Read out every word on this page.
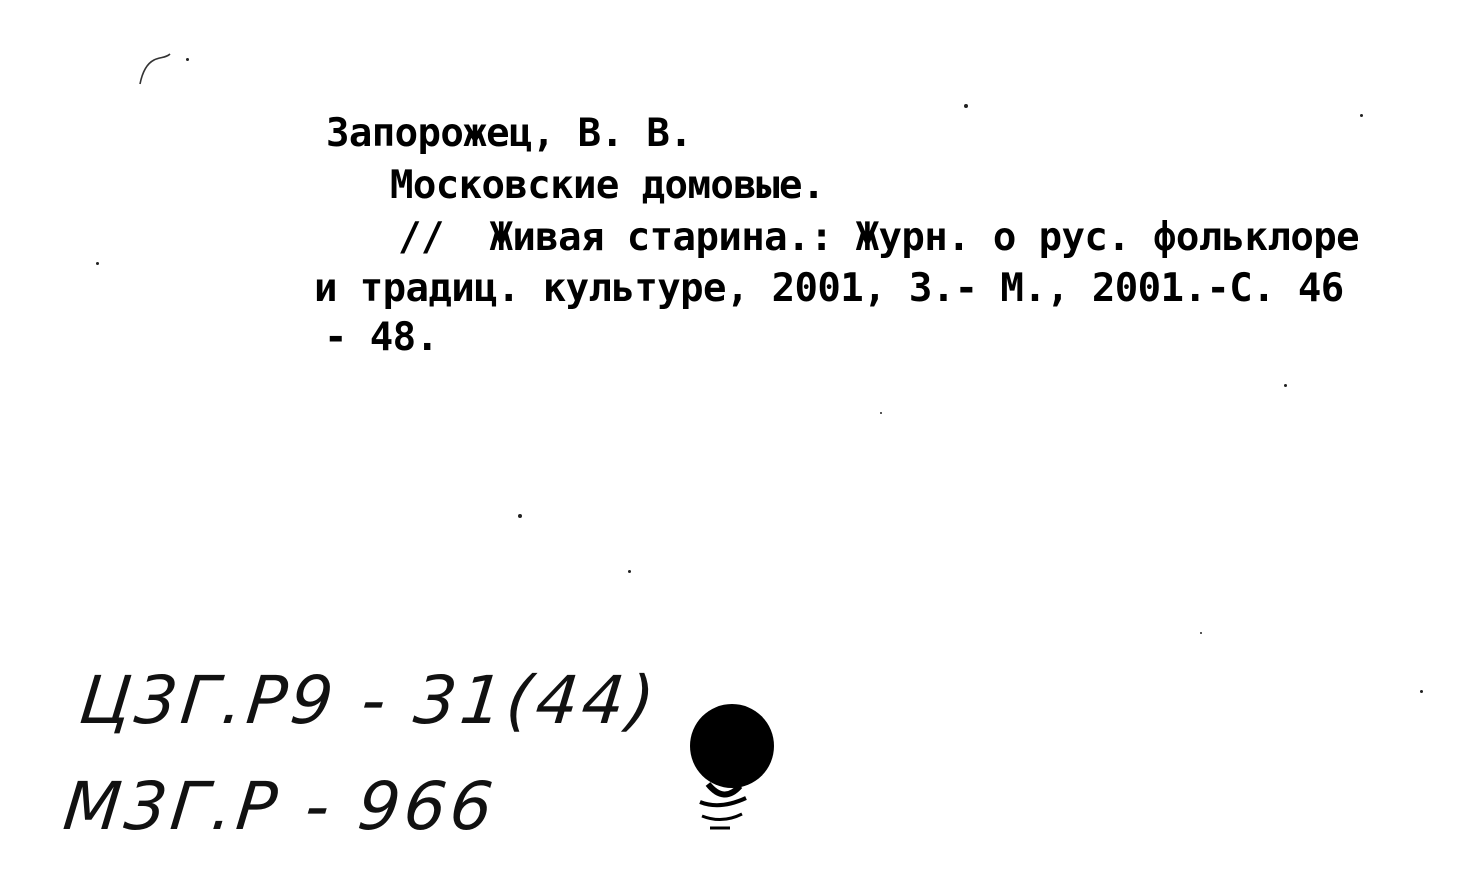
Запорожец, В. В.
Московские домовые.
//  Живая старина.: Журн. о рус. фольклоре
и традиц. культуре, 2001, 3.- М., 2001.-С. 46
- 48.
Ц3Г.Р9 - 31(44)
М3Г.Р - 966
